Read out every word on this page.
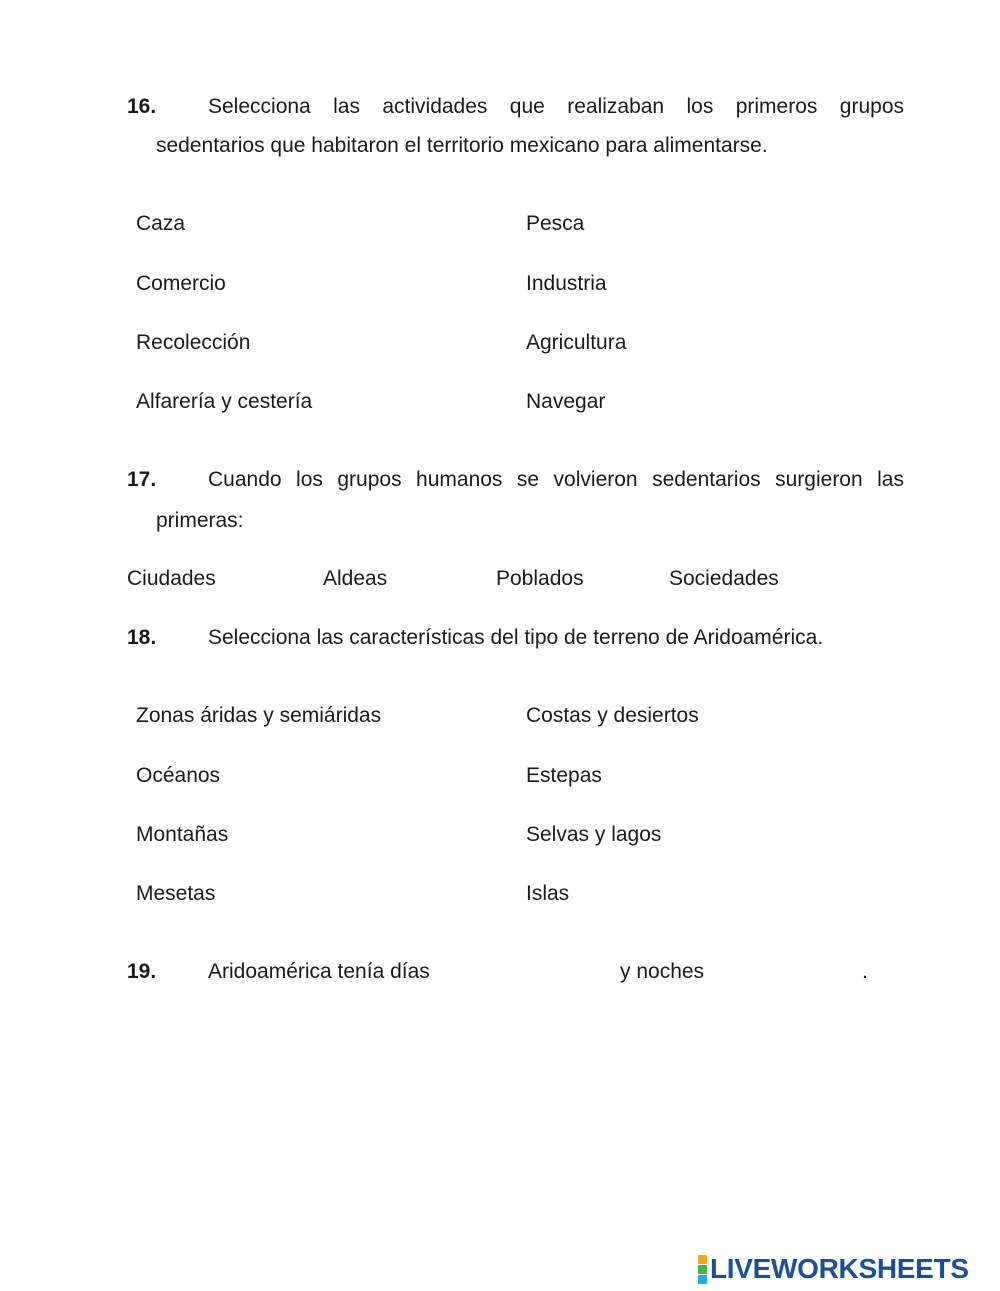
16. Selecciona las actividades que realizaban los primeros grupos
sedentarios que habitaron el territorio mexicano para alimentarse.
Caza	Pesca
Comercio	Industria
Recolección	Agricultura
Alfarería y cestería	Navegar
17. Cuando los grupos humanos se volvieron sedentarios surgieron las
primeras:
Ciudades	Aldeas	Poblados	Sociedades
18. Selecciona las características del tipo de terreno de Aridoamérica.
Zonas áridas y semiáridas	Costas y desiertos
Océanos	Estepas
Montañas	Selvas y lagos
Mesetas	Islas
19. Aridoamérica tenía días	y noches	.
LIVEWORKSHEETS
